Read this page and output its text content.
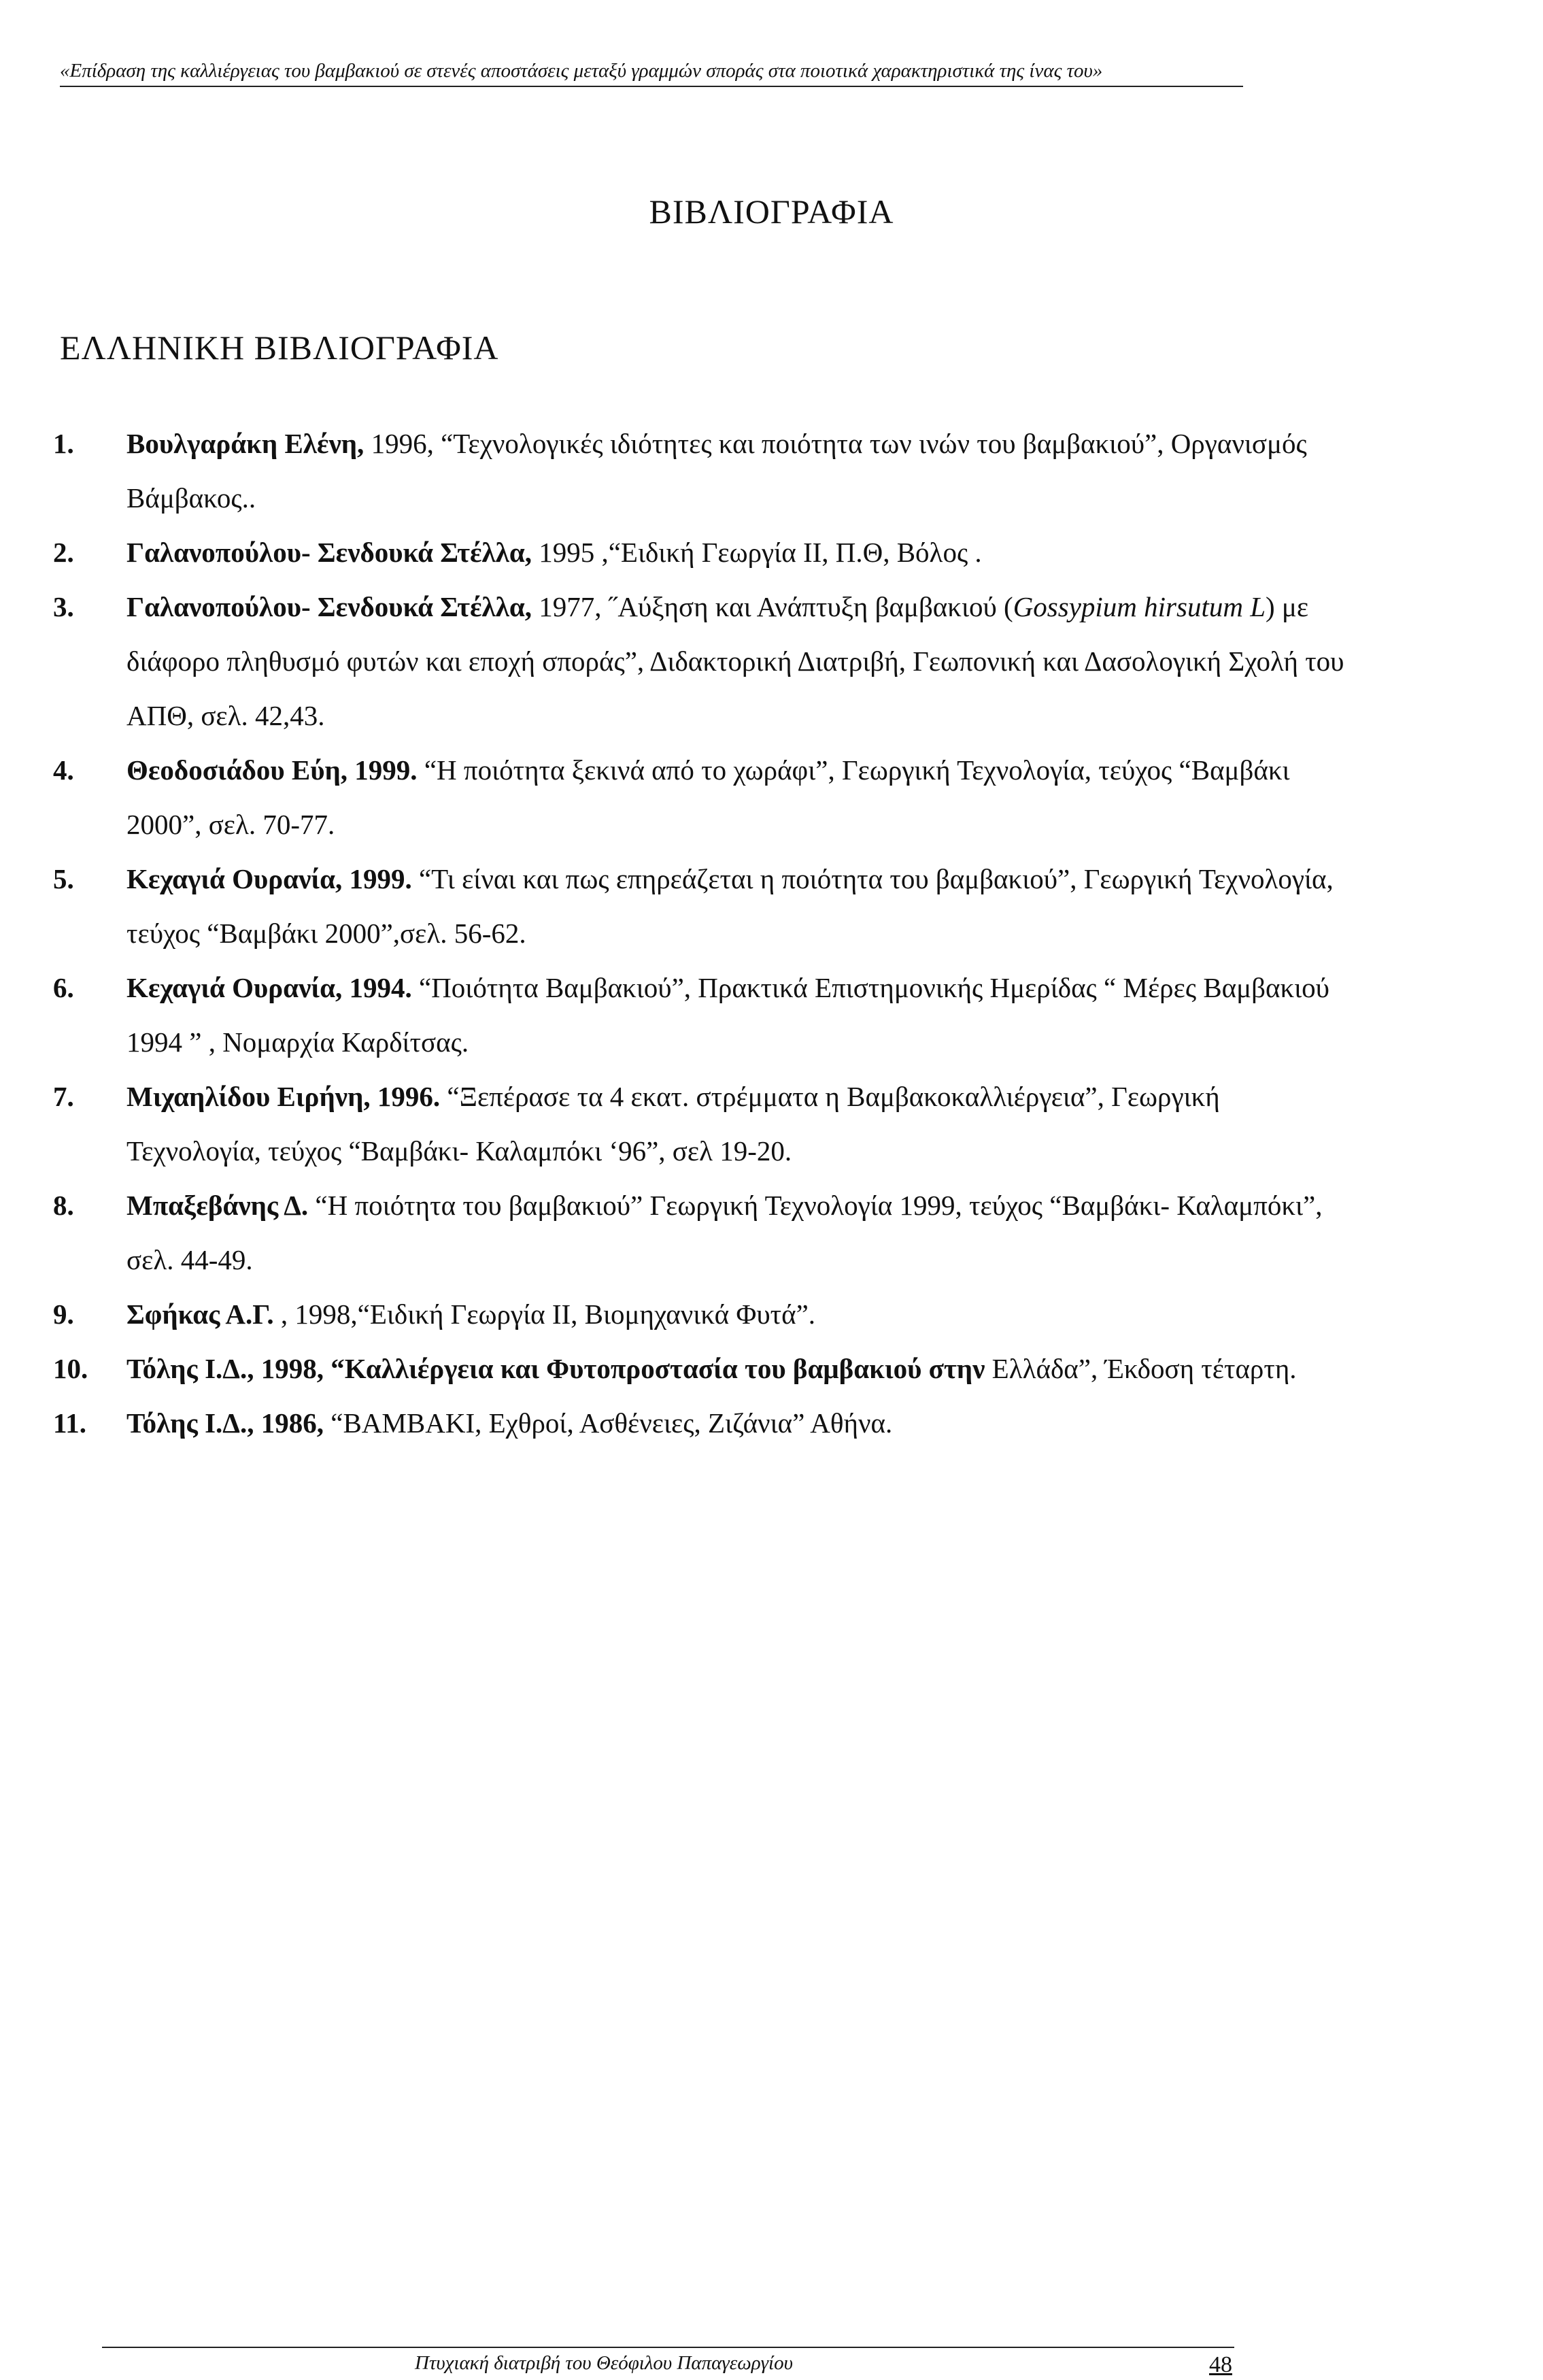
«Επίδραση της καλλιέργειας του βαμβακιού σε στενές αποστάσεις μεταξύ γραμμών σποράς στα ποιοτικά χαρακτηριστικά της ίνας του»
ΒΙΒΛΙΟΓΡΑΦΙΑ
ΕΛΛΗΝΙΚΗ ΒΙΒΛΙΟΓΡΑΦΙΑ
1. Βουλγαράκη Ελένη, 1996, “Τεχνολογικές ιδιότητες και ποιότητα των ινών του βαμβακιού”, Οργανισμός Βάμβακος..
2. Γαλανοπούλου- Σενδουκά Στέλλα, 1995 ,“Ειδική Γεωργία ΙΙ, Π.Θ, Βόλος .
3. Γαλανοπούλου- Σενδουκά Στέλλα, 1977, ˝Αύξηση και Ανάπτυξη βαμβακιού (Gossypium hirsutum L) με διάφορο πληθυσμό φυτών και εποχή σποράς”, Διδακτορική Διατριβή, Γεωπονική και Δασολογική Σχολή του ΑΠΘ, σελ. 42,43.
4. Θεοδοσιάδου Εύη, 1999. “Η ποιότητα ξεκινά από το χωράφι”, Γεωργική Τεχνολογία, τεύχος “Βαμβάκι 2000”, σελ. 70-77.
5. Κεχαγιά Ουρανία, 1999. “Τι είναι και πως επηρεάζεται η ποιότητα του βαμβακιού”, Γεωργική Τεχνολογία, τεύχος “Βαμβάκι 2000”,σελ. 56-62.
6. Κεχαγιά Ουρανία, 1994. “Ποιότητα Βαμβακιού”, Πρακτικά Επιστημονικής Ημερίδας “ Μέρες Βαμβακιού 1994 ” , Νομαρχία Καρδίτσας.
7. Μιχαηλίδου Ειρήνη, 1996. “Ξεπέρασε τα 4 εκατ. στρέμματα η Βαμβακοκαλλιέργεια”, Γεωργική Τεχνολογία, τεύχος “Βαμβάκι- Καλαμπόκι ‘96”, σελ 19-20.
8. Μπαξεβάνης Δ. “Η ποιότητα του βαμβακιού” Γεωργική Τεχνολογία 1999, τεύχος “Βαμβάκι- Καλαμπόκι”, σελ. 44-49.
9. Σφήκας Α.Γ. , 1998,“Ειδική Γεωργία ΙΙ, Βιομηχανικά Φυτά”.
10. Τόλης Ι.Δ., 1998, “Καλλιέργεια και Φυτοπροστασία του βαμβακιού στην Ελλάδα”, Έκδοση τέταρτη.
11. Τόλης Ι.Δ., 1986, “ΒΑΜΒΑΚΙ, Εχθροί, Ασθένειες, Ζιζάνια” Αθήνα.
Πτυχιακή διατριβή του Θεόφιλου Παπαγεωργίου	48
